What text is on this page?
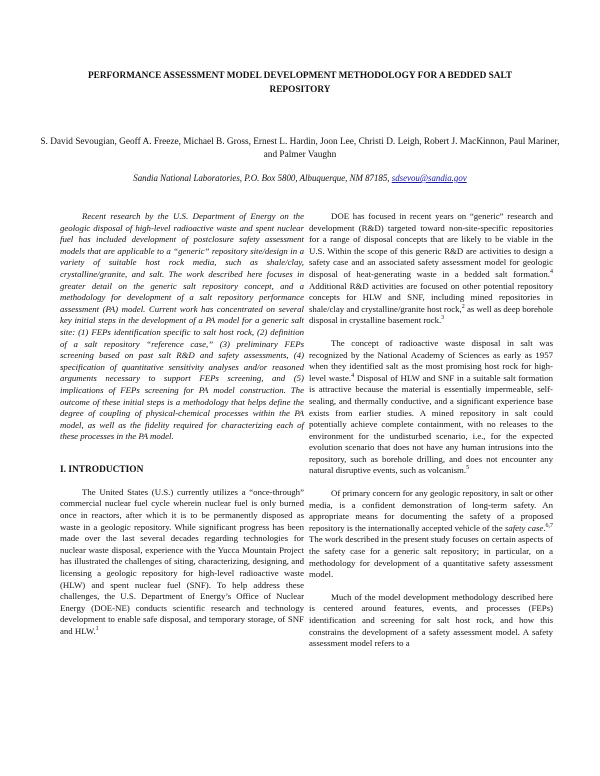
PERFORMANCE ASSESSMENT MODEL DEVELOPMENT METHODOLOGY FOR A BEDDED SALT REPOSITORY
S. David Sevougian, Geoff A. Freeze, Michael B. Gross, Ernest L. Hardin, Joon Lee, Christi D. Leigh, Robert J. MacKinnon, Paul Mariner, and Palmer Vaughn
Sandia National Laboratories, P.O. Box 5800, Albuquerque, NM 87185, sdsevou@sandia.gov

Recent research by the U.S. Department of Energy on the geologic disposal of high-level radioactive waste and spent nuclear fuel has included development of postclosure safety assessment models that are applicable to a “generic” repository site/design in a variety of suitable host rock media, such as shale/clay, crystalline/granite, and salt. The work described here focuses in greater detail on the generic salt repository concept, and a methodology for development of a salt repository performance assessment (PA) model. Current work has concentrated on several key initial steps in the development of a PA model for a generic salt site: (1) FEPs identification specific to salt host rock, (2) definition of a salt repository “reference case,” (3) preliminary FEPs screening based on past salt R&D and safety assessments, (4) specification of quantitative sensitivity analyses and/or reasoned arguments necessary to support FEPs screening, and (5) implications of FEPs screening for PA model construction. The outcome of these initial steps is a methodology that helps define the degree of coupling of physical-chemical processes within the PA model, as well as the fidelity required for characterizing each of these processes in the PA model.

I. INTRODUCTION

The United States (U.S.) currently utilizes a “once-through” commercial nuclear fuel cycle wherein nuclear fuel is only burned once in reactors, after which it is to be permanently disposed as waste in a geologic repository. While significant progress has been made over the last several decades regarding technologies for nuclear waste disposal, experience with the Yucca Mountain Project has illustrated the challenges of siting, characterizing, designing, and licensing a geologic repository for high-level radioactive waste (HLW) and spent nuclear fuel (SNF). To help address these challenges, the U.S. Department of Energy’s Office of Nuclear Energy (DOE-NE) conducts scientific research and technology development to enable safe disposal, and temporary storage, of SNF and HLW.$^1$

DOE has focused in recent years on “generic” research and development (R&D) targeted toward non-site-specific repositories for a range of disposal concepts that are likely to be viable in the U.S. Within the scope of this generic R&D are activities to design a safety case and an associated safety assessment model for geologic disposal of heat-generating waste in a bedded salt formation.$^4$ Additional R&D activities are focused on other potential repository concepts for HLW and SNF, including mined repositories in shale/clay and crystalline/granite host rock,$^2$ as well as deep borehole disposal in crystalline basement rock.$^3$

The concept of radioactive waste disposal in salt was recognized by the National Academy of Sciences as early as 1957 when they identified salt as the most promising host rock for high-level waste.$^4$ Disposal of HLW and SNF in a suitable salt formation is attractive because the material is essentially impermeable, self-sealing, and thermally conductive, and a significant experience base exists from earlier studies. A mined repository in salt could potentially achieve complete containment, with no releases to the environment for the undisturbed scenario, i.e., for the expected evolution scenario that does not have any human intrusions into the repository, such as borehole drilling, and does not encounter any natural disruptive events, such as volcanism.$^5$

Of primary concern for any geologic repository, in salt or other media, is a confident demonstration of long-term safety. An appropriate means for documenting the safety of a proposed repository is the internationally accepted vehicle of the safety case.$^{6,7}$ The work described in the present study focuses on certain aspects of the safety case for a generic salt repository; in particular, on a methodology for development of a quantitative safety assessment model.

Much of the model development methodology described here is centered around features, events, and processes (FEPs) identification and screening for salt host rock, and how this constrains the development of a safety assessment model. A safety assessment model refers to a
